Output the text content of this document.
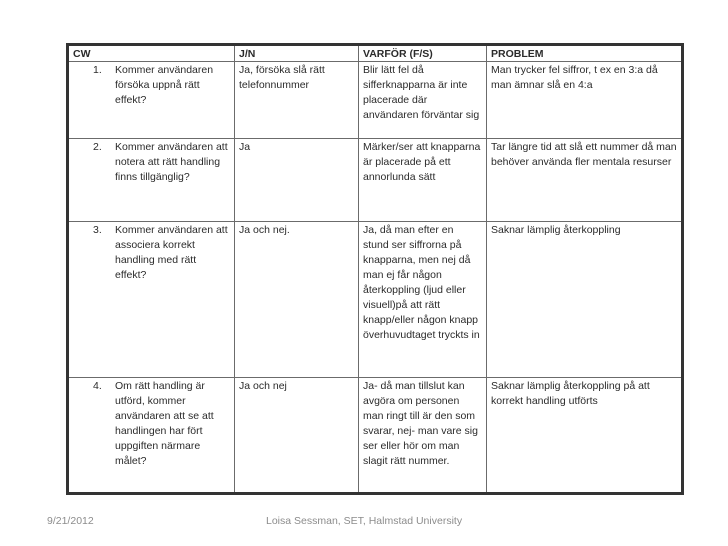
CW	J/N	VARFÖR (F/S)	PROBLEM

1. Kommer användaren försöka uppnå rätt effekt?	Ja, försöka slå rätt telefonnummer	Blir lätt fel då sifferknapparna är inte placerade där användaren förväntar sig	Man trycker fel siffror, t ex en 3:a då man ämnar slå en 4:a

2. Kommer användaren att notera att rätt handling finns tillgänglig?	Ja	Märker/ser att knapparna är placerade på ett annorlunda sätt	Tar längre tid att slå ett nummer då man behöver använda fler mentala resurser

3. Kommer användaren att associera korrekt handling med rätt effekt?	Ja och nej.	Ja, då man efter en stund ser siffrorna på knapparna, men nej då man ej får någon återkoppling (ljud eller visuell)på att rätt knapp/eller någon knapp överhuvudtaget tryckts in	Saknar lämplig återkoppling

4. Om rätt handling är utförd, kommer användaren att se att handlingen har fört uppgiften närmare målet?	Ja och nej	Ja- då man tillslut kan avgöra om personen man ringt till är den som svarar, nej- man vare sig ser eller hör om man slagit rätt nummer.	Saknar lämplig återkoppling på att korrekt handling utförts
9/21/2012	Loisa Sessman, SET, Halmstad University
